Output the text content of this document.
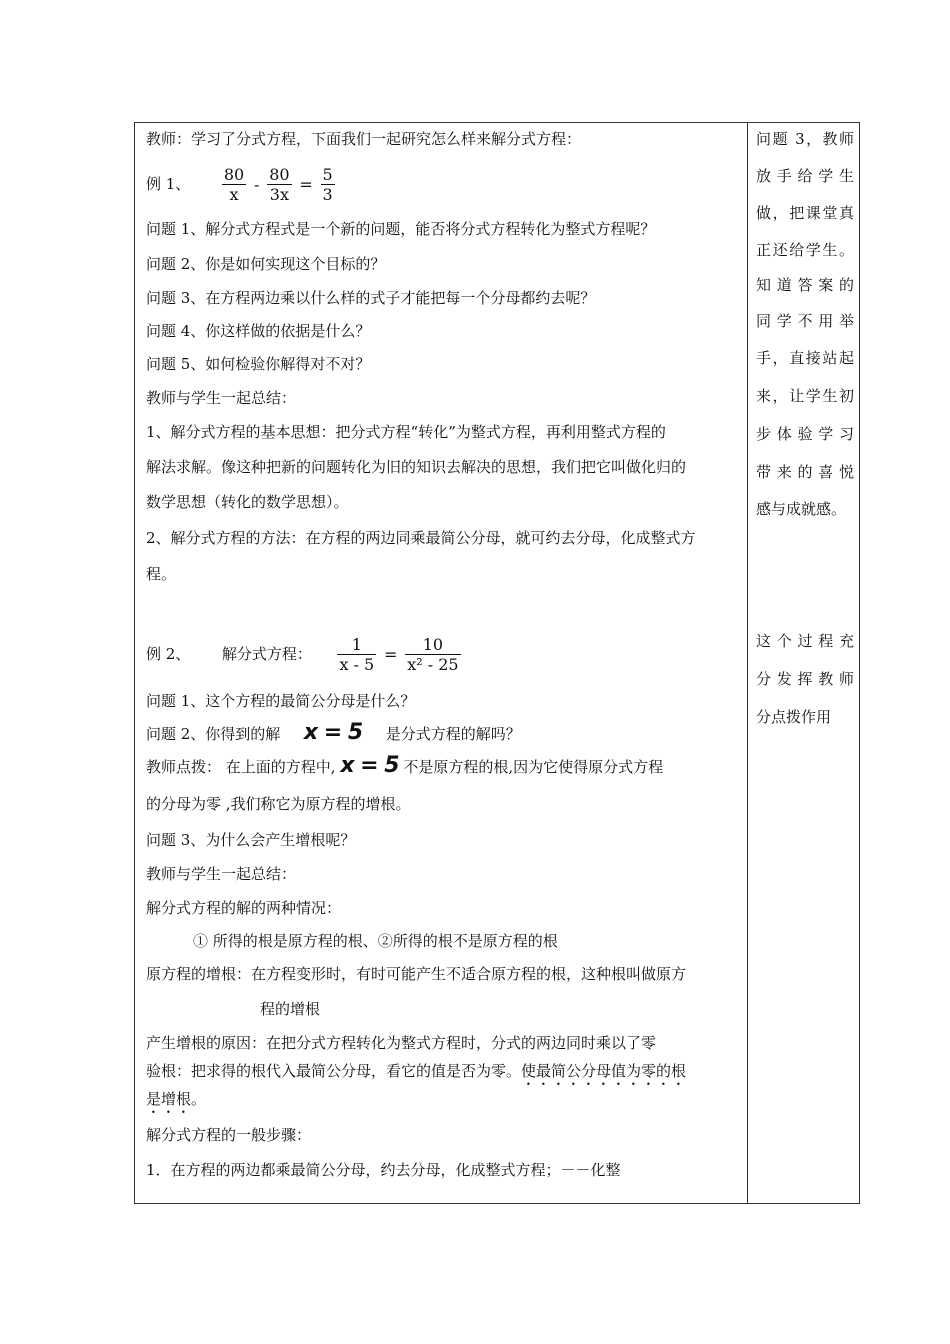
教师：学习了分式方程，下面我们一起研究怎么样来解分式方程：
例 1、 $\frac{80}{x} - \frac{80}{3x} = \frac{5}{3}$
问题 1、解分式方程式是一个新的问题，能否将分式方程转化为整式方程呢？
问题 2、你是如何实现这个目标的？
问题 3、在方程两边乘以什么样的式子才能把每一个分母都约去呢？
问题 4、你这样做的依据是什么？
问题 5、如何检验你解得对不对？
教师与学生一起总结：
1、解分式方程的基本思想：把分式方程“转化”为整式方程，再利用整式方程的
解法求解。像这种把新的问题转化为旧的知识去解决的思想，我们把它叫做化归的
数学思想（转化的数学思想）。
2、解分式方程的方法：在方程的两边同乘最简公分母，就可约去分母，化成整式方
程。
例 2、 解分式方程： $\frac{1}{x - 5} = \frac{10}{\text{x² - 25}}$
问题 1、这个方程的最简公分母是什么？
问题 2、你得到的解 x = 5 是分式方程的解吗？
教师点拨： 在上面的方程中, x = 5 不是原方程的根,因为它使得原分式方程
的分母为零 ,我们称它为原方程的增根。
问题 3、为什么会产生增根呢？
教师与学生一起总结：
解分式方程的解的两种情况：
① 所得的根是原方程的根、②所得的根不是原方程的根
原方程的增根：在方程变形时，有时可能产生不适合原方程的根，这种根叫做原方
程的增根
产生增根的原因：在把分式方程转化为整式方程时，分式的两边同时乘以了零
验根：把求得的根代入最简公分母，看它的值是否为零。使最简公分母值为零的根
是增根。
解分式方程的一般步骤：
1．在方程的两边都乘最简公分母，约去分母，化成整式方程；－－化整
问题 3，教师
放手给学生
做，把课堂真
正还给学生。
知道答案的
同学不用举
手，直接站起
来，让学生初
步体验学习
带来的喜悦
感与成就感。
这个过程充
分发挥教师
分点拨作用
